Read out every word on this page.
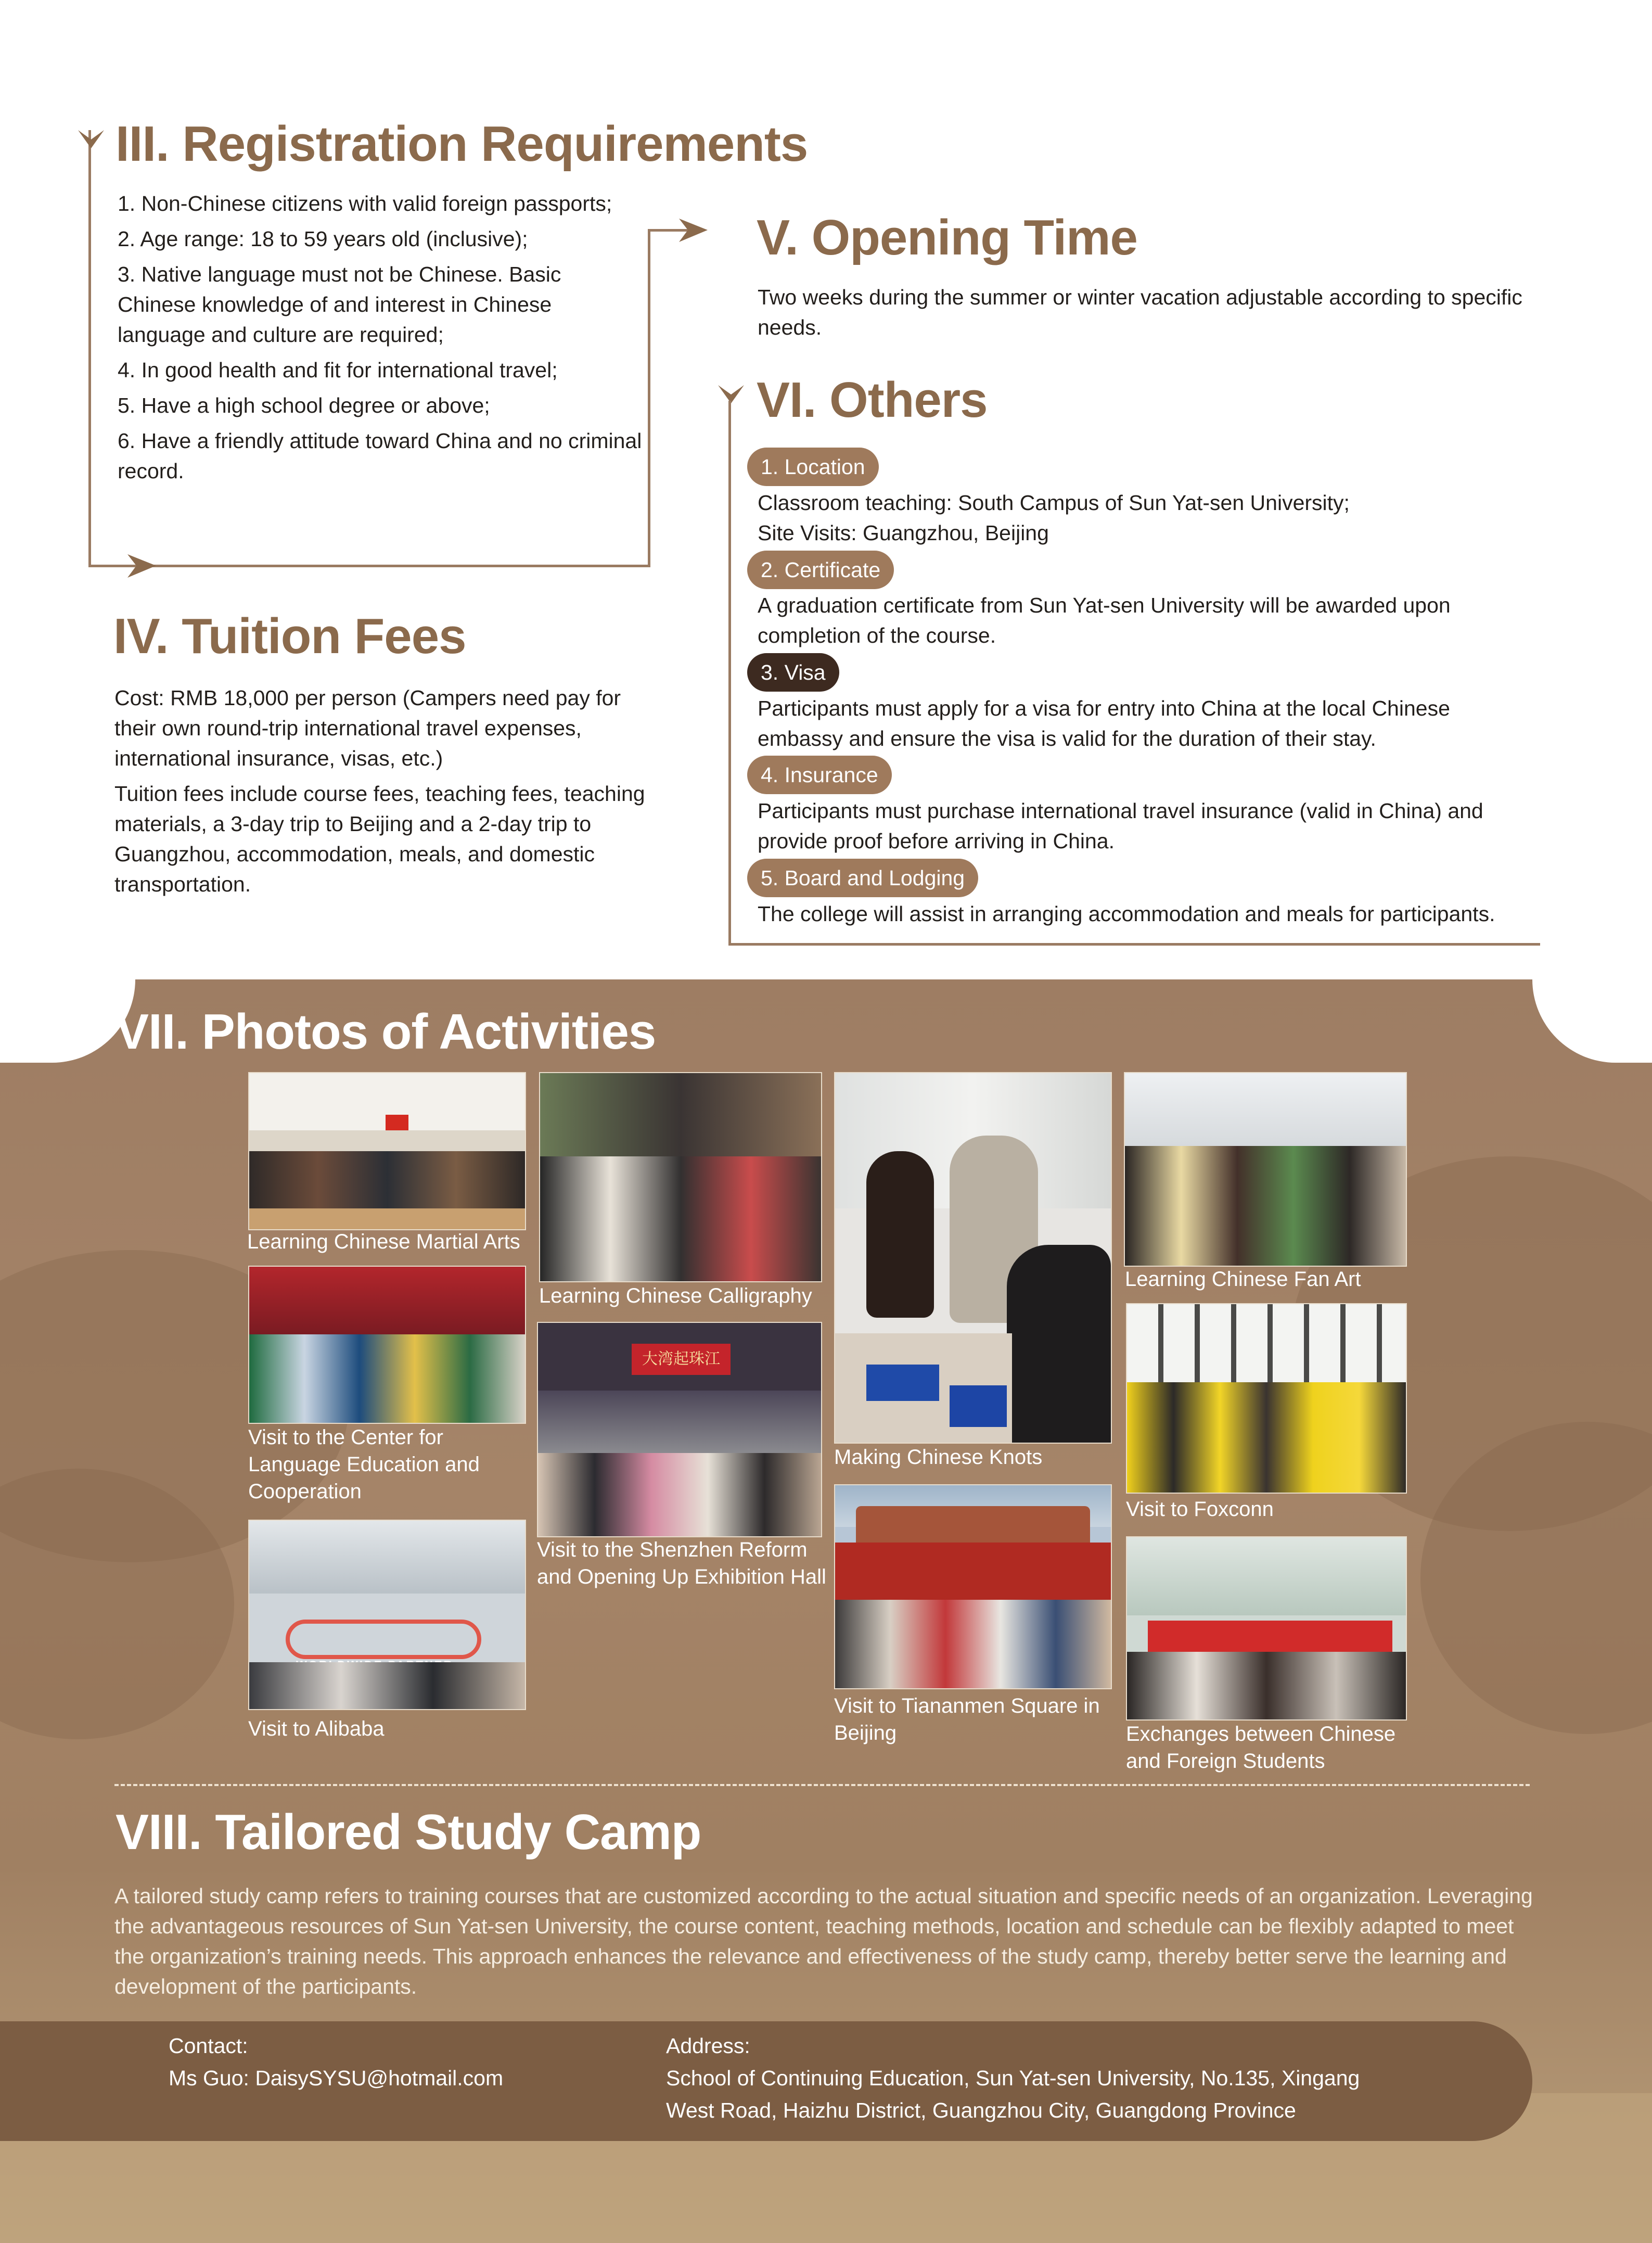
III. Registration Requirements

1. Non-Chinese citizens with valid foreign passports;

2. Age range: 18 to 59 years old (inclusive);

3. Native language must not be Chinese. Basic Chinese knowledge of and interest in Chinese language and culture are required;

4. In good health and fit for international travel;

5. Have a high school degree or above;

6. Have a friendly attitude toward China and no criminal record.

IV. Tuition Fees

Cost: RMB 18,000 per person (Campers need pay for their own round-trip international travel expenses, international insurance, visas, etc.)

Tuition fees include course fees, teaching fees, teaching materials, a 3-day trip to Beijing and a 2-day trip to Guangzhou, accommodation, meals, and domestic transportation.

V. Opening Time
Two weeks during the summer or winter vacation adjustable according to specific needs.
VI. Others
1. Location
Classroom teaching: South Campus of Sun Yat-sen University;
Site Visits: Guangzhou, Beijing
2. Certificate
A graduation certificate from Sun Yat-sen University will be awarded upon completion of the course.
3. Visa
Participants must apply for a visa for entry into China at the local Chinese embassy and ensure the visa is valid for the duration of their stay.
4. Insurance
Participants must purchase international travel insurance (valid in China) and provide proof before arriving in China.
5. Board and Lodging
The college will assist in arranging accommodation and meals for participants.
VII. Photos of Activities
Learning Chinese Martial Arts
Visit to the Center for Language Education and Cooperation
Visit to Alibaba
Learning Chinese Calligraphy
大湾起珠江
Visit to the Shenzhen Reform and Opening Up Exhibition Hall
Making Chinese Knots
Visit to Tiananmen Square in Beijing
Learning Chinese Fan Art
Visit to Foxconn
Exchanges between Chinese and Foreign Students
VIII. Tailored Study Camp
A tailored study camp refers to training courses that are customized according to the actual situation and specific needs of an organization. Leveraging the advantageous resources of Sun Yat-sen University, the course content, teaching methods, location and schedule can be flexibly adapted to meet the organization’s training needs. This approach enhances the relevance and effectiveness of the study camp, thereby better serve the learning and development of the participants.
Contact:
Ms Guo: DaisySYSU@hotmail.com
Address:
School of Continuing Education, Sun Yat-sen University, No.135, Xingang
West Road, Haizhu District, Guangzhou City, Guangdong Province
